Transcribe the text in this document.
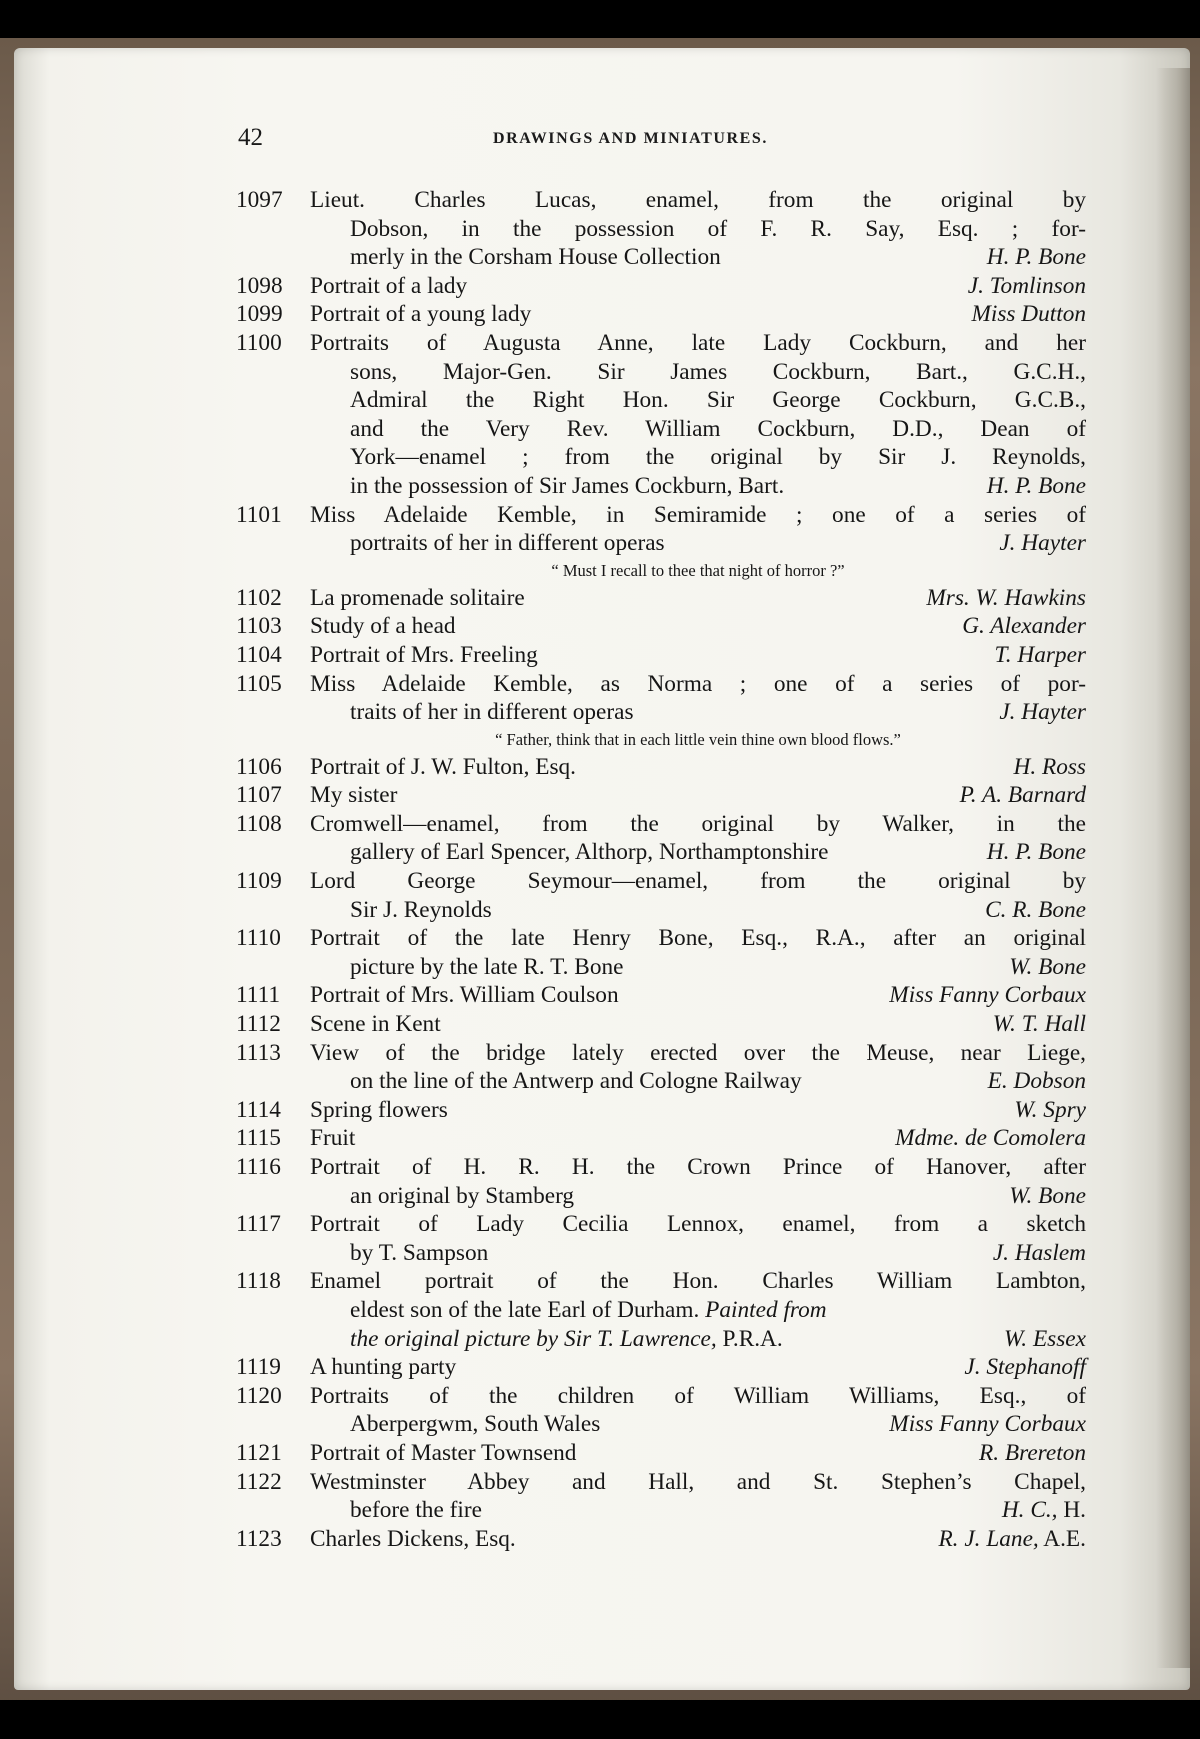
42	DRAWINGS AND MINIATURES.
1097 Lieut. Charles Lucas, enamel, from the original by
Dobson, in the possession of F. R. Say, Esq. ; for-
merly in the Corsham House Collection	H. P. Bone
1098 Portrait of a lady	J. Tomlinson
1099 Portrait of a young lady	Miss Dutton
1100 Portraits of Augusta Anne, late Lady Cockburn, and her
sons, Major-Gen. Sir James Cockburn, Bart., G.C.H.,
Admiral the Right Hon. Sir George Cockburn, G.C.B.,
and the Very Rev. William Cockburn, D.D., Dean of
York—enamel ; from the original by Sir J. Reynolds,
in the possession of Sir James Cockburn, Bart.	H. P. Bone
1101 Miss Adelaide Kemble, in Semiramide ; one of a series of
portraits of her in different operas	J. Hayter
“ Must I recall to thee that night of horror ?”
1102 La promenade solitaire	Mrs. W. Hawkins
1103 Study of a head	G. Alexander
1104 Portrait of Mrs. Freeling	T. Harper
1105 Miss Adelaide Kemble, as Norma ; one of a series of por-
traits of her in different operas	J. Hayter
“ Father, think that in each little vein thine own blood flows.”
1106 Portrait of J. W. Fulton, Esq.	H. Ross
1107 My sister	P. A. Barnard
1108 Cromwell—enamel, from the original by Walker, in the
gallery of Earl Spencer, Althorp, Northamptonshire	H. P. Bone
1109 Lord George Seymour—enamel, from the original by
Sir J. Reynolds	C. R. Bone
1110 Portrait of the late Henry Bone, Esq., R.A., after an original
picture by the late R. T. Bone	W. Bone
1111 Portrait of Mrs. William Coulson	Miss Fanny Corbaux
1112 Scene in Kent	W. T. Hall
1113 View of the bridge lately erected over the Meuse, near Liege,
on the line of the Antwerp and Cologne Railway	E. Dobson
1114 Spring flowers	W. Spry
1115 Fruit	Mdme. de Comolera
1116 Portrait of H. R. H. the Crown Prince of Hanover, after
an original by Stamberg	W. Bone
1117 Portrait of Lady Cecilia Lennox, enamel, from a sketch
by T. Sampson	J. Haslem
1118 Enamel portrait of the Hon. Charles William Lambton,
eldest son of the late Earl of Durham. Painted from
the original picture by Sir T. Lawrence, P.R.A.	W. Essex
1119 A hunting party	J. Stephanoff
1120 Portraits of the children of William Williams, Esq., of
Aberpergwm, South Wales	Miss Fanny Corbaux
1121 Portrait of Master Townsend	R. Brereton
1122 Westminster Abbey and Hall, and St. Stephen’s Chapel,
before the fire	H. C., H.
1123 Charles Dickens, Esq.	R. J. Lane, A.E.
